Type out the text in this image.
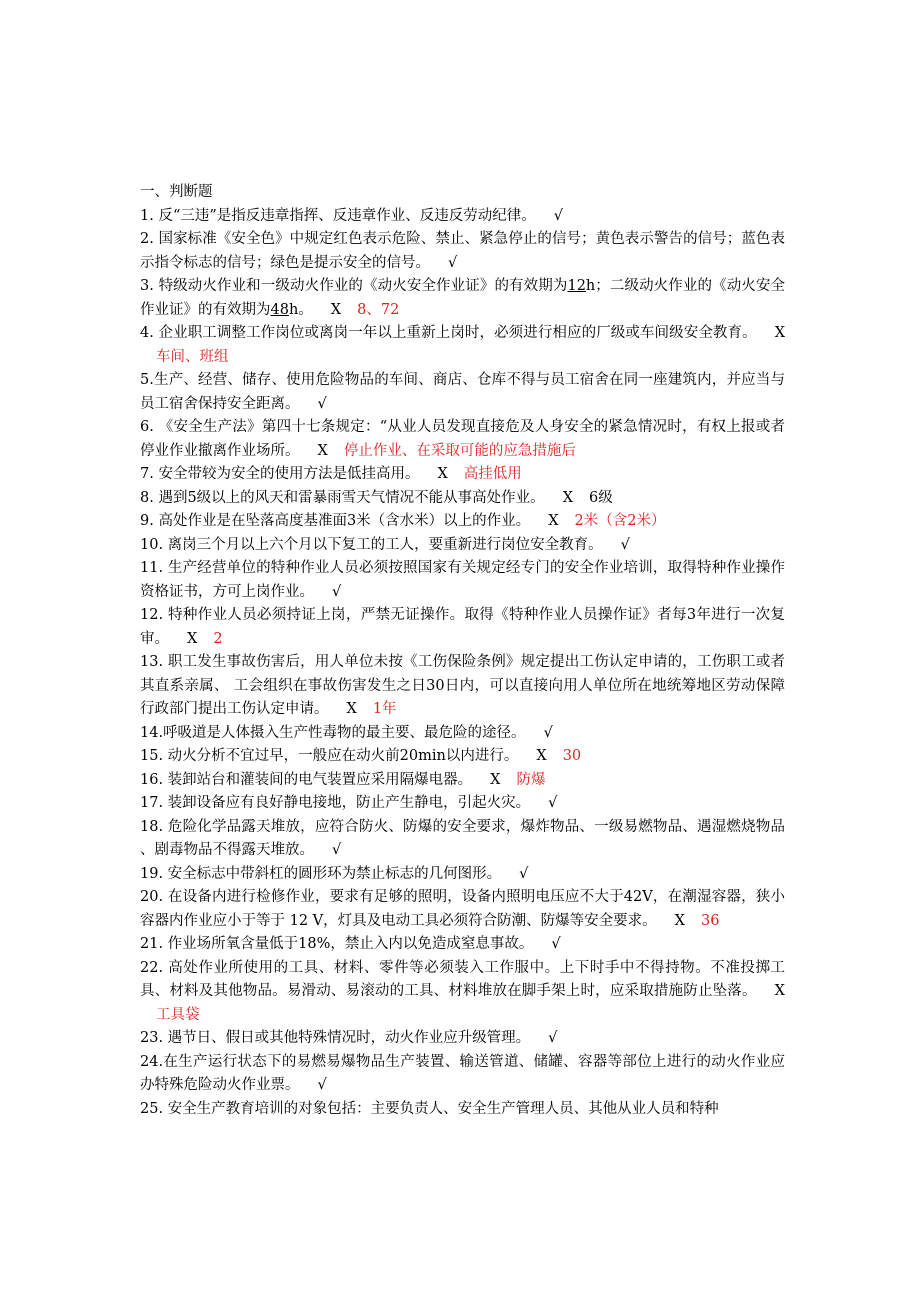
一、判断题

1. 反“三违”是指反违章指挥、反违章作业、反违反劳动纪律。 √

2. 国家标准《安全色》中规定红色表示危险、禁止、紧急停止的信号；黄色表示警告的信号；蓝色表示指令标志的信号；绿色是提示安全的信号。 √

3. 特级动火作业和一级动火作业的《动火安全作业证》的有效期为12h；二级动火作业的《动火安全作业证》的有效期为48h。 X 8、72

4. 企业职工调整工作岗位或离岗一年以上重新上岗时，必须进行相应的厂级或车间级安全教育。 X车间、班组

5.生产、经营、储存、使用危险物品的车间、商店、仓库不得与员工宿舍在同一座建筑内，并应当与员工宿舍保持安全距离。 √

6. 《安全生产法》第四十七条规定：“从业人员发现直接危及人身安全的紧急情况时，有权上报或者停业作业撤离作业场所。 X 停止作业、在采取可能的应急措施后

7. 安全带较为安全的使用方法是低挂高用。 X 高挂低用

8. 遇到5级以上的风天和雷暴雨雪天气情况不能从事高处作业。 X 6级

9. 高处作业是在坠落高度基准面3米（含水米）以上的作业。 X 2米（含2米）

10. 离岗三个月以上六个月以下复工的工人，要重新进行岗位安全教育。 √

11. 生产经营单位的特种作业人员必须按照国家有关规定经专门的安全作业培训，取得特种作业操作资格证书，方可上岗作业。 √

12. 特种作业人员必须持证上岗，严禁无证操作。取得《特种作业人员操作证》者每3年进行一次复审。 X 2

13. 职工发生事故伤害后，用人单位未按《工伤保险条例》规定提出工伤认定申请的，工伤职工或者其直系亲属、 工会组织在事故伤害发生之日30日内，可以直接向用人单位所在地统筹地区劳动保障行政部门提出工伤认定申请。 X 1年

14.呼吸道是人体摄入生产性毒物的最主要、最危险的途径。 √

15. 动火分析不宜过早，一般应在动火前20min以内进行。 X 30

16. 装卸站台和灌装间的电气装置应采用隔爆电器。 X 防爆

17. 装卸设备应有良好静电接地，防止产生静电，引起火灾。 √

18. 危险化学品露天堆放，应符合防火、防爆的安全要求，爆炸物品、一级易燃物品、遇湿燃烧物品 、剧毒物品不得露天堆放。 √

19. 安全标志中带斜杠的圆形环为禁止标志的几何图形。 √

20. 在设备内进行检修作业，要求有足够的照明，设备内照明电压应不大于42V，在潮湿容器，狭小容器内作业应小于等于 12 V，灯具及电动工具必须符合防潮、防爆等安全要求。 X 36

21. 作业场所氧含量低于18%，禁止入内以免造成窒息事故。 √

22. 高处作业所使用的工具、材料、零件等必须装入工作服中。上下时手中不得持物。不准投掷工具、材料及其他物品。易滑动、易滚动的工具、材料堆放在脚手架上时，应采取措施防止坠落。 X工具袋

23. 遇节日、假日或其他特殊情况时，动火作业应升级管理。 √

24.在生产运行状态下的易燃易爆物品生产装置、输送管道、储罐、容器等部位上进行的动火作业应办特殊危险动火作业票。 √

25. 安全生产教育培训的对象包括：主要负责人、安全生产管理人员、其他从业人员和特种
